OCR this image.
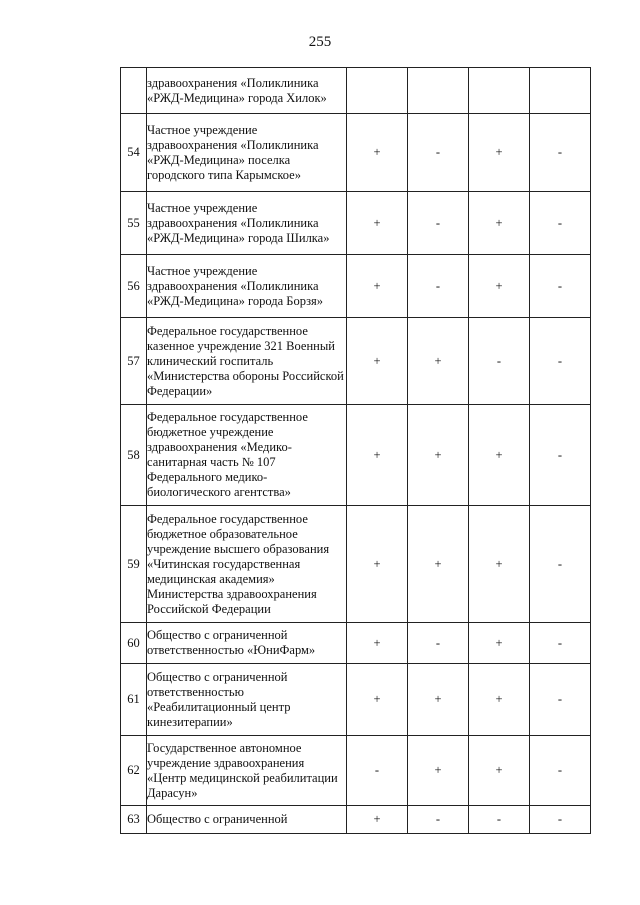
255
	здравоохранения «Поликлиника «РЖД-Медицина» города Хилок»				
54	Частное учреждение здравоохранения «Поликлиника «РЖД-Медицина» поселка городского типа Карымское»	+	-	+	-
55	Частное учреждение здравоохранения «Поликлиника «РЖД-Медицина» города Шилка»	+	-	+	-
56	Частное учреждение здравоохранения «Поликлиника «РЖД-Медицина» города Борзя»	+	-	+	-
57	Федеральное государственное казенное учреждение 321 Военный клинический госпиталь «Министерства обороны Российской Федерации»	+	+	-	-
58	Федеральное государственное бюджетное учреждение здравоохранения «Медико-санитарная часть № 107 Федерального медико-биологического агентства»	+	+	+	-
59	Федеральное государственное бюджетное образовательное учреждение высшего образования «Читинская государственная медицинская академия» Министерства здравоохранения Российской Федерации	+	+	+	-
60	Общество с ограниченной ответственностью «ЮниФарм»	+	-	+	-
61	Общество с ограниченной ответственностью «Реабилитационный центр кинезитерапии»	+	+	+	-
62	Государственное автономное учреждение здравоохранения «Центр медицинской реабилитации Дарасун»	-	+	+	-
63	Общество с ограниченной	+	-	-	-
